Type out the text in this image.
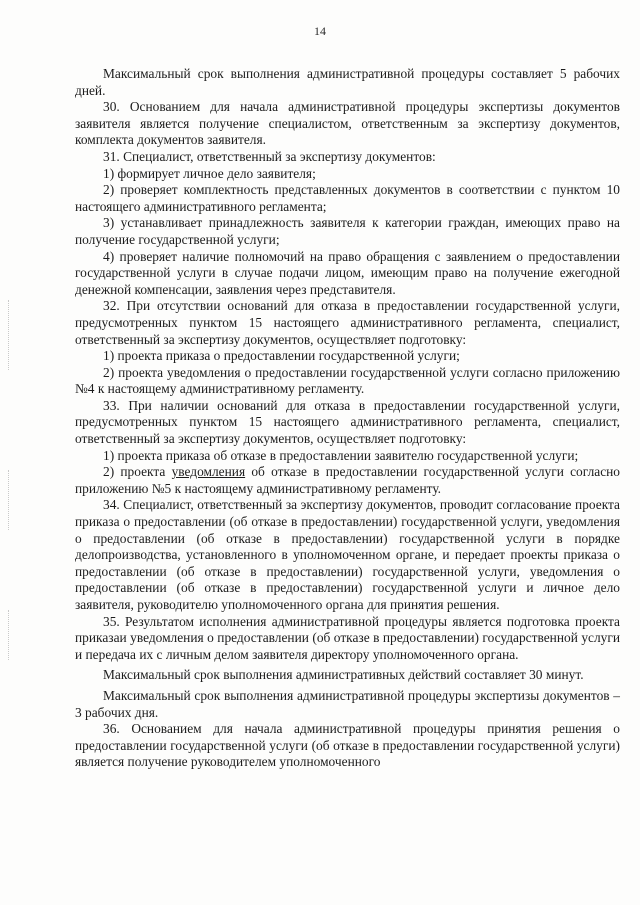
14

Максимальный срок выполнения административной процедуры составляет 5 рабочих дней.

30. Основанием для начала административной процедуры экспертизы документов заявителя является получение специалистом, ответственным за экспертизу документов, комплекта документов заявителя.

31. Специалист, ответственный за экспертизу документов:

1) формирует личное дело заявителя;

2) проверяет комплектность представленных документов в соответствии с пунктом 10 настоящего административного регламента;

3) устанавливает принадлежность заявителя к категории граждан, имеющих право на получение государственной услуги;

4) проверяет наличие полномочий на право обращения с заявлением о предоставлении государственной услуги в случае подачи лицом, имеющим право на получение ежегодной денежной компенсации, заявления через представителя.

32. При отсутствии оснований для отказа в предоставлении государственной услуги, предусмотренных пунктом 15 настоящего административного регламента, специалист, ответственный за экспертизу документов, осуществляет подготовку:

1) проекта приказа о предоставлении государственной услуги;

2) проекта уведомления о предоставлении государственной услуги согласно приложению №4 к настоящему административному регламенту.

33. При наличии оснований для отказа в предоставлении государственной услуги, предусмотренных пунктом 15 настоящего административного регламента, специалист, ответственный за экспертизу документов, осуществляет подготовку:

1) проекта приказа об отказе в предоставлении заявителю государственной услуги;

2) проекта уведомления об отказе в предоставлении государственной услуги согласно приложению №5 к настоящему административному регламенту.

34. Специалист, ответственный за экспертизу документов, проводит согласование проекта приказа о предоставлении (об отказе в предоставлении) государственной услуги, уведомления о предоставлении (об отказе в предоставлении) государственной услуги в порядке делопроизводства, установленного в уполномоченном органе, и передает проекты приказа о предоставлении (об отказе в предоставлении) государственной услуги, уведомления о предоставлении (об отказе в предоставлении) государственной услуги и личное дело заявителя, руководителю уполномоченного органа для принятия решения.

35. Результатом исполнения административной процедуры является подготовка проекта приказаи уведомления о предоставлении (об отказе в предоставлении) государственной услуги и передача их с личным делом заявителя директору уполномоченного органа.

Максимальный срок выполнения административных действий составляет 30 минут.

Максимальный срок выполнения административной процедуры экспертизы документов – 3 рабочих дня.

36. Основанием для начала административной процедуры принятия решения о предоставлении государственной услуги (об отказе в предоставлении государственной услуги) является получение руководителем уполномоченного
